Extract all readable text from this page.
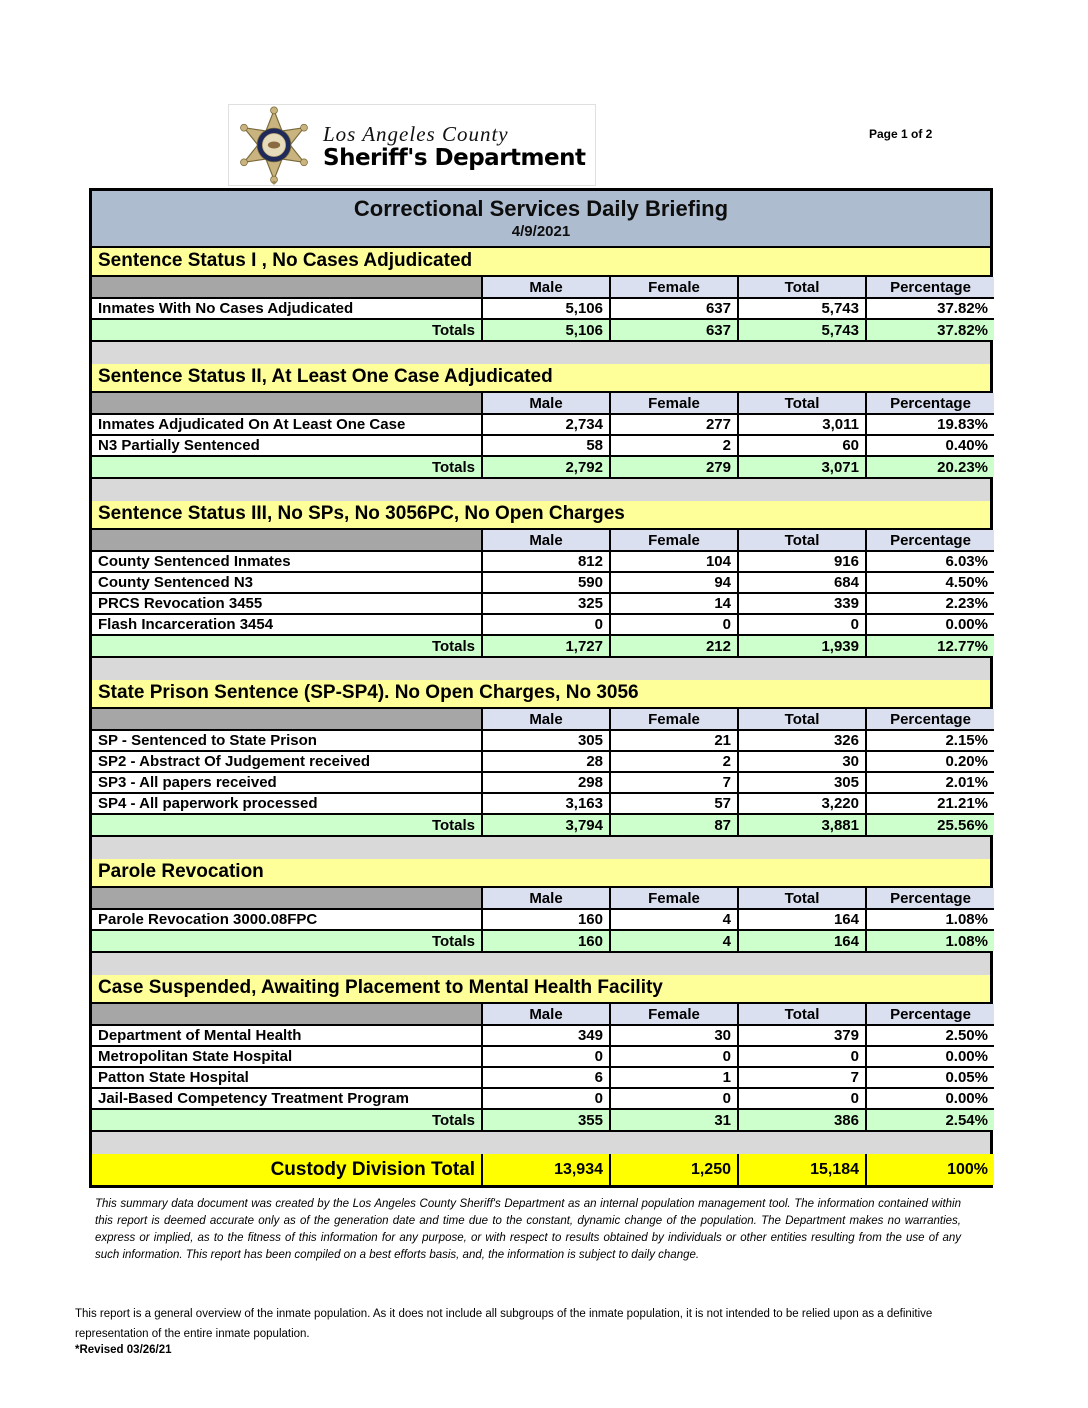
Los Angeles County
Sheriff's Department
Page 1 of 2
Correctional Services Daily Briefing
4/9/2021
Sentence Status I , No Cases Adjudicated
	Male	Female	Total	Percentage
Inmates With No Cases Adjudicated	5,106	637	5,743	37.82%
Totals	5,106	637	5,743	37.82%
Sentence Status II, At Least One Case Adjudicated
	Male	Female	Total	Percentage
Inmates Adjudicated On At Least One Case	2,734	277	3,011	19.83%
N3 Partially Sentenced	58	2	60	0.40%
Totals	2,792	279	3,071	20.23%
Sentence Status III, No SPs, No 3056PC, No Open Charges
	Male	Female	Total	Percentage
County Sentenced Inmates	812	104	916	6.03%
County Sentenced N3	590	94	684	4.50%
PRCS Revocation 3455	325	14	339	2.23%
Flash Incarceration 3454	0	0	0	0.00%
Totals	1,727	212	1,939	12.77%
State Prison Sentence (SP-SP4). No Open Charges, No 3056
	Male	Female	Total	Percentage
SP - Sentenced to State Prison	305	21	326	2.15%
SP2 - Abstract Of Judgement received	28	2	30	0.20%
SP3 - All papers received	298	7	305	2.01%
SP4 - All paperwork processed	3,163	57	3,220	21.21%
Totals	3,794	87	3,881	25.56%
Parole Revocation
	Male	Female	Total	Percentage
Parole Revocation 3000.08FPC	160	4	164	1.08%
Totals	160	4	164	1.08%
Case Suspended, Awaiting Placement to Mental Health Facility
	Male	Female	Total	Percentage
Department of Mental Health	349	30	379	2.50%
Metropolitan State Hospital	0	0	0	0.00%
Patton State Hospital	6	1	7	0.05%
Jail-Based Competency Treatment Program	0	0	0	0.00%
Totals	355	31	386	2.54%
Custody Division Total	13,934	1,250	15,184	100%

This summary data document was created by the Los Angeles County Sheriff's Department as an internal population management tool. The information contained within this report is deemed accurate only as of the generation date and time due to the constant, dynamic change of the population. The Department makes no warranties, express or implied, as to the fitness of this information for any purpose, or with respect to results obtained by individuals or other entities resulting from the use of any such information. This report has been compiled on a best efforts basis, and, the information is subject to daily change.

This report is a general overview of the inmate population. As it does not include all subgroups of the inmate population, it is not intended to be relied upon as a definitive representation of the entire inmate population.

*Revised 03/26/21
